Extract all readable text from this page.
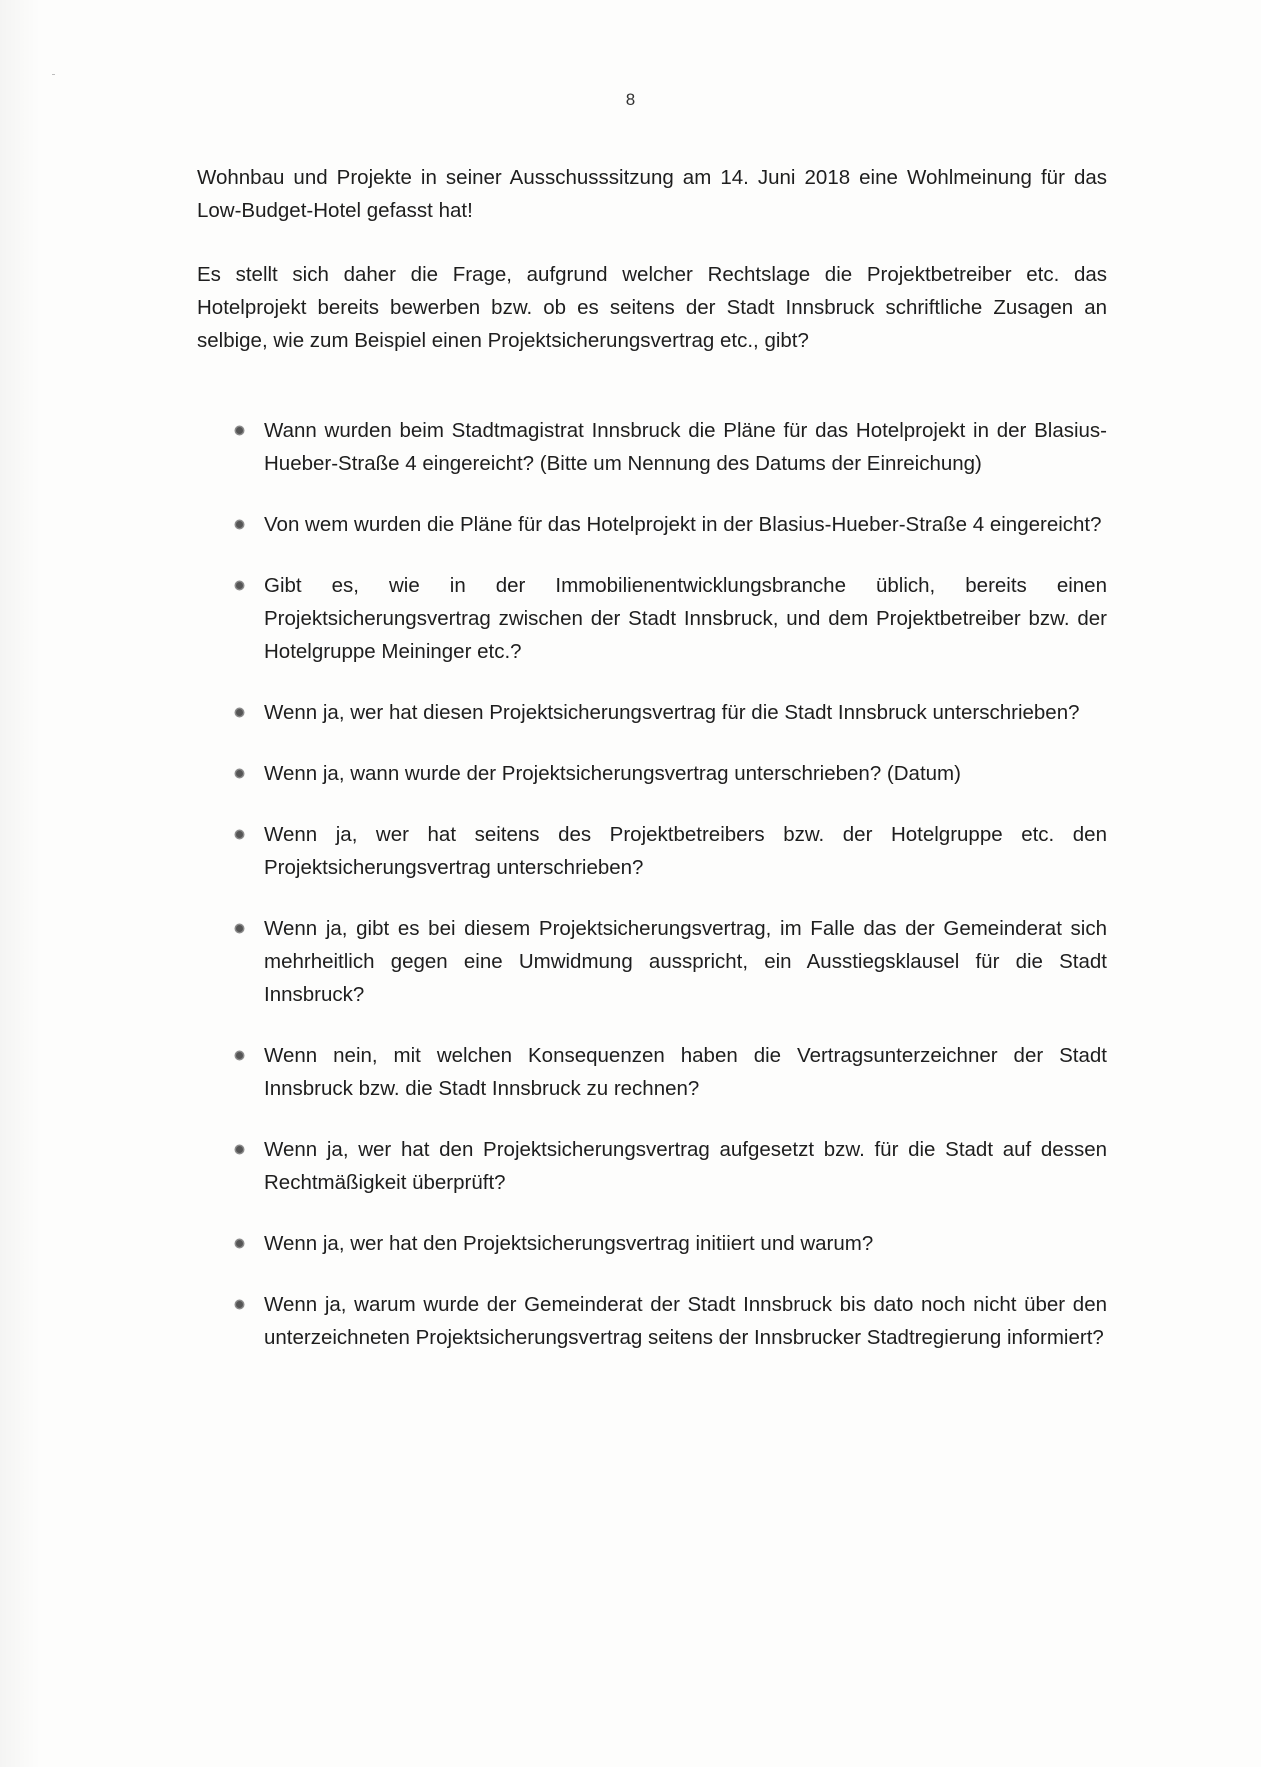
8

Wohnbau und Projekte in seiner Ausschusssitzung am 14. Juni 2018 eine Wohlmeinung für das Low-Budget-Hotel gefasst hat!

Es stellt sich daher die Frage, aufgrund welcher Rechtslage die Projektbetreiber etc. das Hotelprojekt bereits bewerben bzw. ob es seitens der Stadt Innsbruck schriftliche Zusagen an selbige, wie zum Beispiel einen Projektsicherungsvertrag etc., gibt?

Wann wurden beim Stadtmagistrat Innsbruck die Pläne für das Hotelprojekt in der Blasius-Hueber-Straße 4 eingereicht? (Bitte um Nennung des Datums der Einreichung)
Von wem wurden die Pläne für das Hotelprojekt in der Blasius-Hueber-Straße 4 eingereicht?
Gibt es, wie in der Immobilienentwicklungsbranche üblich, bereits einen Projektsicherungsvertrag zwischen der Stadt Innsbruck, und dem Projektbetreiber bzw. der Hotelgruppe Meininger etc.?
Wenn ja, wer hat diesen Projektsicherungsvertrag für die Stadt Innsbruck unterschrieben?
Wenn ja, wann wurde der Projektsicherungsvertrag unterschrieben? (Datum)
Wenn ja, wer hat seitens des Projektbetreibers bzw. der Hotelgruppe etc. den Projektsicherungsvertrag unterschrieben?
Wenn ja, gibt es bei diesem Projektsicherungsvertrag, im Falle das der Gemeinderat sich mehrheitlich gegen eine Umwidmung ausspricht, ein Ausstiegsklausel für die Stadt Innsbruck?
Wenn nein, mit welchen Konsequenzen haben die Vertragsunterzeichner der Stadt Innsbruck bzw. die Stadt Innsbruck zu rechnen?
Wenn ja, wer hat den Projektsicherungsvertrag aufgesetzt bzw. für die Stadt auf dessen Rechtmäßigkeit überprüft?
Wenn ja, wer hat den Projektsicherungsvertrag initiiert und warum?
Wenn ja, warum wurde der Gemeinderat der Stadt Innsbruck bis dato noch nicht über den unterzeichneten Projektsicherungsvertrag seitens der Innsbrucker Stadtregierung informiert?
